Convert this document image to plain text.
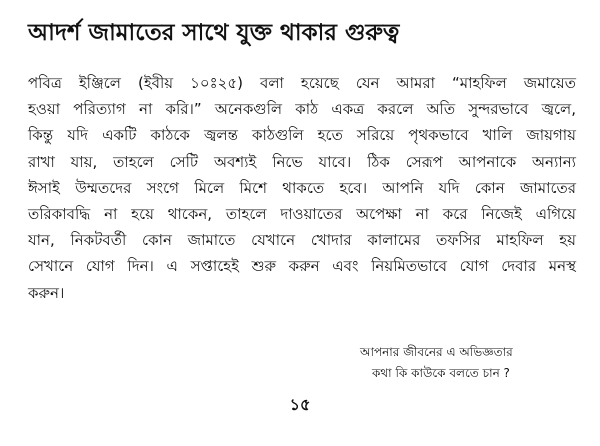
আদর্শ জামাতের সাথে যুক্ত থাকার গুরুত্ব
পবিত্র ইঞ্জিলে (ইবীয় ১০ঃ২৫) বলা হয়েছে যেন আমরা “মাহফিল জমায়েত
হওয়া পরিত্যাগ না করি।” অনেকগুলি কাঠ একত্র করলে অতি সুন্দরভাবে জ্বলে,
কিন্তু যদি একটি কাঠকে জ্বলন্ত কাঠগুলি হতে সরিয়ে পৃথকভাবে খালি জায়গায়
রাখা যায়, তাহলে সেটি অবশ্যই নিভে যাবে। ঠিক সেরূপ আপনাকে অন্যান্য
ঈসাই উম্মতদের সংগে মিলে মিশে থাকতে হবে। আপনি যদি কোন জামাতের
তরিকাবদ্ধি না হয়ে থাকেন, তাহলে দাওয়াতের অপেক্ষা না করে নিজেই এগিয়ে
যান, নিকটবর্তী কোন জামাতে যেখানে খোদার কালামের তফসির মাহফিল হয়
সেখানে যোগ দিন। এ সপ্তাহেই শুরু করুন এবং নিয়মিতভাবে যোগ দেবার মনস্থ
করুন।
আপনার জীবনের এ অভিজ্ঞতার
কথা কি কাউকে বলতে চান ?
১৫
